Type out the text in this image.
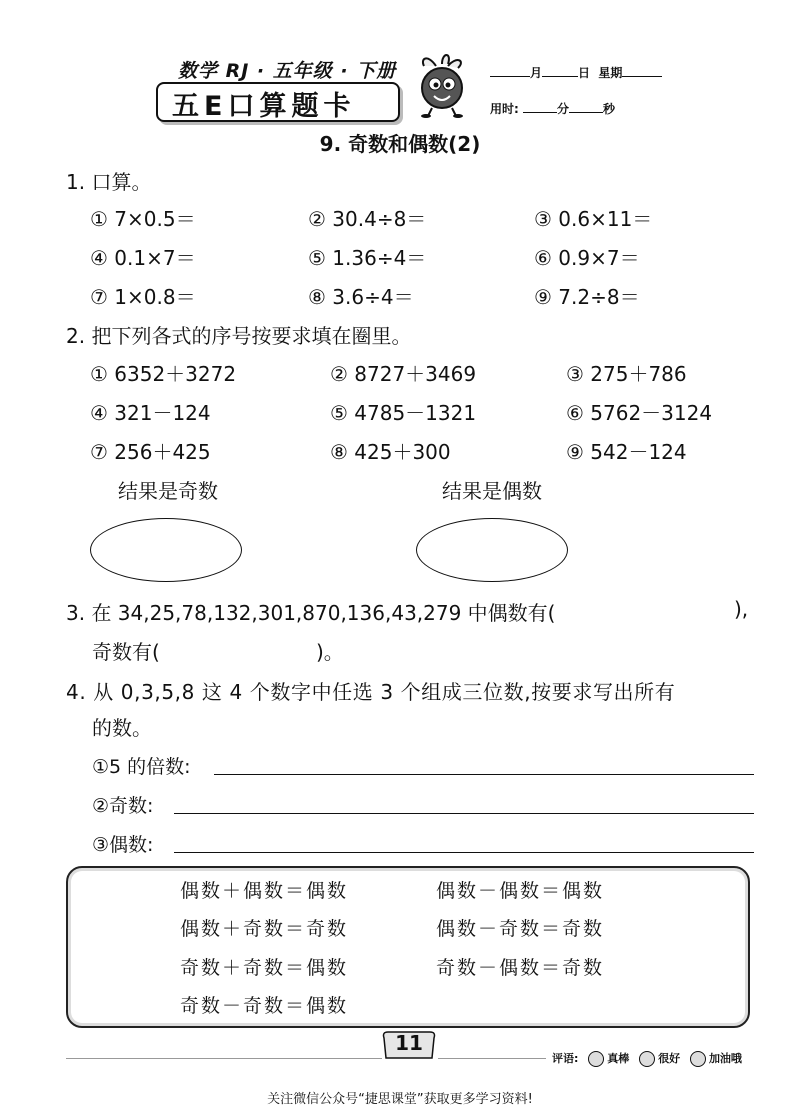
数学 RJ · 五年级 · 下册
五E口算题卡
月	日 星期
用时:	分	秒
9. 奇数和偶数(2)
1. 口算。
① 7×0.5＝	② 30.4÷8＝	③ 0.6×11＝
④ 0.1×7＝	⑤ 1.36÷4＝	⑥ 0.9×7＝
⑦ 1×0.8＝	⑧ 3.6÷4＝	⑨ 7.2÷8＝
2. 把下列各式的序号按要求填在圈里。
① 6352＋3272	② 8727＋3469	③ 275＋786
④ 321－124	⑤ 4785－1321	⑥ 5762－3124
⑦ 256＋425	⑧ 425＋300	⑨ 542－124
结果是奇数	结果是偶数
3. 在 34,25,78,132,301,870,136,43,279 中偶数有(	),
奇数有(	)。
4. 从 0,3,5,8 这 4 个数字中任选 3 个组成三位数,按要求写出所有
的数。
①5 的倍数:
②奇数:
③偶数:
偶数＋偶数＝偶数	偶数－偶数＝偶数
偶数＋奇数＝奇数	偶数－奇数＝奇数
奇数＋奇数＝偶数	奇数－偶数＝奇数
奇数－奇数＝偶数
11
评语:	真棒	很好	加油哦
关注微信公众号“捷思课堂”获取更多学习资料!
